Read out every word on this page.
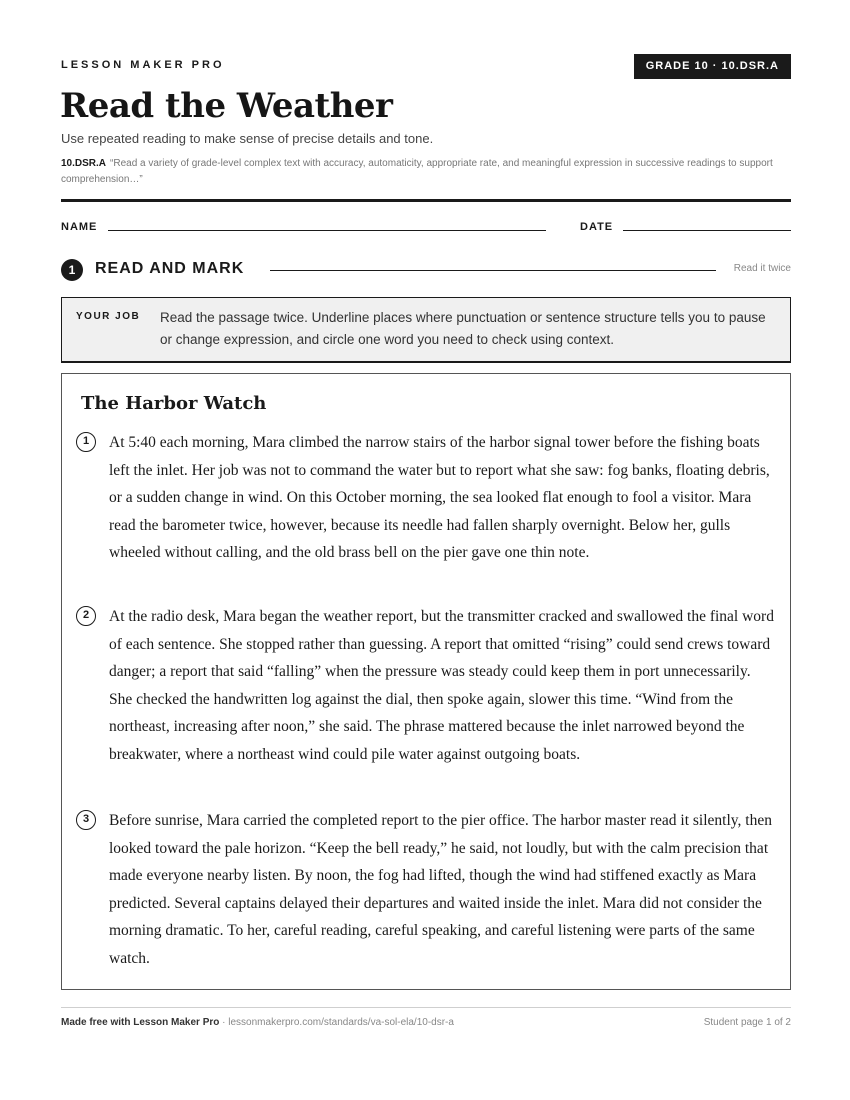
LESSON MAKER PRO	GRADE 10 · 10.DSR.A
Read the Weather

Use repeated reading to make sense of precise details and tone.

10.DSR.A “Read a variety of grade-level complex text with accuracy, automaticity, appropriate rate, and meaningful expression in successive readings to support comprehension…”

NAME	DATE
1	READ AND MARK	Read it twice
YOUR JOB Read the passage twice. Underline places where punctuation or sentence structure tells you to pause or change expression, and circle one word you need to check using context.

The Harbor Watch
1	At 5:40 each morning, Mara climbed the narrow stairs of the harbor signal tower before the fishing boats left the inlet. Her job was not to command the water but to report what she saw: fog banks, floating debris, or a sudden change in wind. On this October morning, the sea looked flat enough to fool a visitor. Mara read the barometer twice, however, because its needle had fallen sharply overnight. Below her, gulls wheeled without calling, and the old brass bell on the pier gave one thin note.

2	At the radio desk, Mara began the weather report, but the transmitter cracked and swallowed the final word of each sentence. She stopped rather than guessing. A report that omitted “rising” could send crews toward danger; a report that said “falling” when the pressure was steady could keep them in port unnecessarily. She checked the handwritten log against the dial, then spoke again, slower this time. “Wind from the northeast, increasing after noon,” she said. The phrase mattered because the inlet narrowed beyond the breakwater, where a northeast wind could pile water against outgoing boats.

3	Before sunrise, Mara carried the completed report to the pier office. The harbor master read it silently, then looked toward the pale horizon. “Keep the bell ready,” he said, not loudly, but with the calm precision that made everyone nearby listen. By noon, the fog had lifted, though the wind had stiffened exactly as Mara predicted. Several captains delayed their departures and waited inside the inlet. Mara did not consider the morning dramatic. To her, careful reading, careful speaking, and careful listening were parts of the same watch.

Made free with Lesson Maker Pro · lessonmakerpro.com/standards/va-sol-ela/10-dsr-a	Student page 1 of 2
